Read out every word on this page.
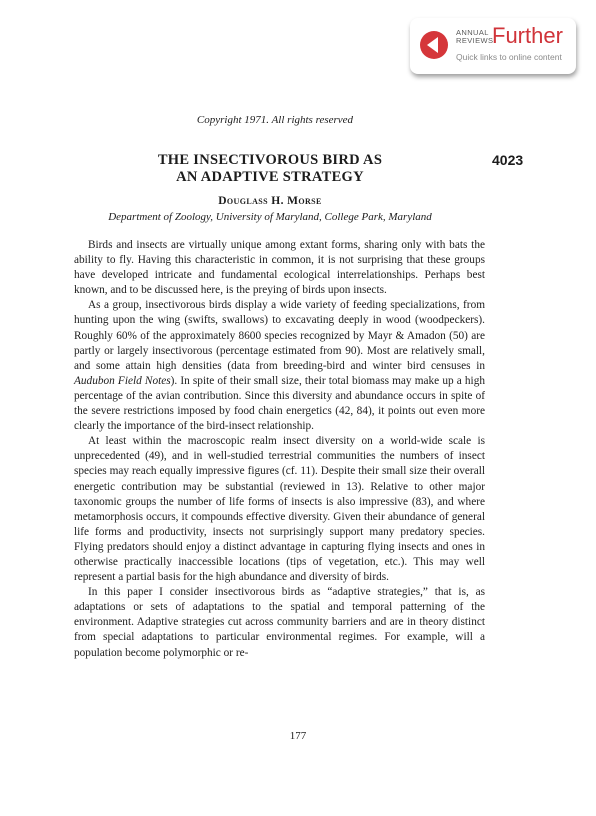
ANNUAL
REVIEWS
Further
Quick links to online content
Copyright 1971. All rights reserved
THE INSECTIVOROUS BIRD AS
AN ADAPTIVE STRATEGY
4023
Douglass H. Morse
Department of Zoology, University of Maryland, College Park, Maryland

Birds and insects are virtually unique among extant forms, sharing only with bats the ability to fly. Having this characteristic in common, it is not surprising that these groups have developed intricate and fundamental ecological interrelationships. Perhaps best known, and to be discussed here, is the preying of birds upon insects.

As a group, insectivorous birds display a wide variety of feeding specializations, from hunting upon the wing (swifts, swallows) to excavating deeply in wood (woodpeckers). Roughly 60% of the approximately 8600 species recognized by Mayr & Amadon (50) are partly or largely insectivorous (percentage estimated from 90). Most are relatively small, and some attain high densities (data from breeding-bird and winter bird censuses in Audubon Field Notes). In spite of their small size, their total biomass may make up a high percentage of the avian contribution. Since this diversity and abundance occurs in spite of the severe restrictions imposed by food chain energetics (42, 84), it points out even more clearly the importance of the bird-insect relationship.

At least within the macroscopic realm insect diversity on a world-wide scale is unprecedented (49), and in well-studied terrestrial communities the numbers of insect species may reach equally impressive figures (cf. 11). Despite their small size their overall energetic contribution may be substantial (reviewed in 13). Relative to other major taxonomic groups the number of life forms of insects is also impressive (83), and where metamorphosis occurs, it compounds effective diversity. Given their abundance of general life forms and productivity, insects not surprisingly support many predatory species. Flying predators should enjoy a distinct advantage in capturing flying insects and ones in otherwise practically inaccessible locations (tips of vegetation, etc.). This may well represent a partial basis for the high abundance and diversity of birds.

In this paper I consider insectivorous birds as “adaptive strategies,” that is, as adaptations or sets of adaptations to the spatial and temporal patterning of the environment. Adaptive strategies cut across community barriers and are in theory distinct from special adaptations to particular environmental regimes. For example, will a population become polymorphic or re-

177
